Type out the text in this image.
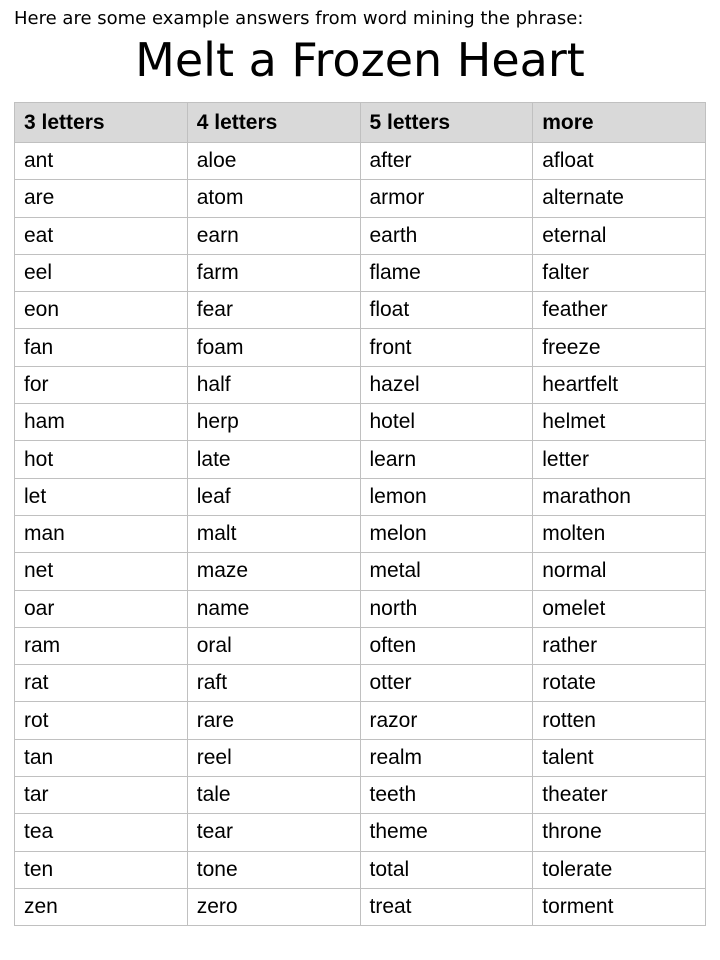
Here are some example answers from word mining the phrase:
Melt a Frozen Heart
3 letters	4 letters	5 letters	more
ant	aloe	after	afloat
are	atom	armor	alternate
eat	earn	earth	eternal
eel	farm	flame	falter
eon	fear	float	feather
fan	foam	front	freeze
for	half	hazel	heartfelt
ham	herp	hotel	helmet
hot	late	learn	letter
let	leaf	lemon	marathon
man	malt	melon	molten
net	maze	metal	normal
oar	name	north	omelet
ram	oral	often	rather
rat	raft	otter	rotate
rot	rare	razor	rotten
tan	reel	realm	talent
tar	tale	teeth	theater
tea	tear	theme	throne
ten	tone	total	tolerate
zen	zero	treat	torment
